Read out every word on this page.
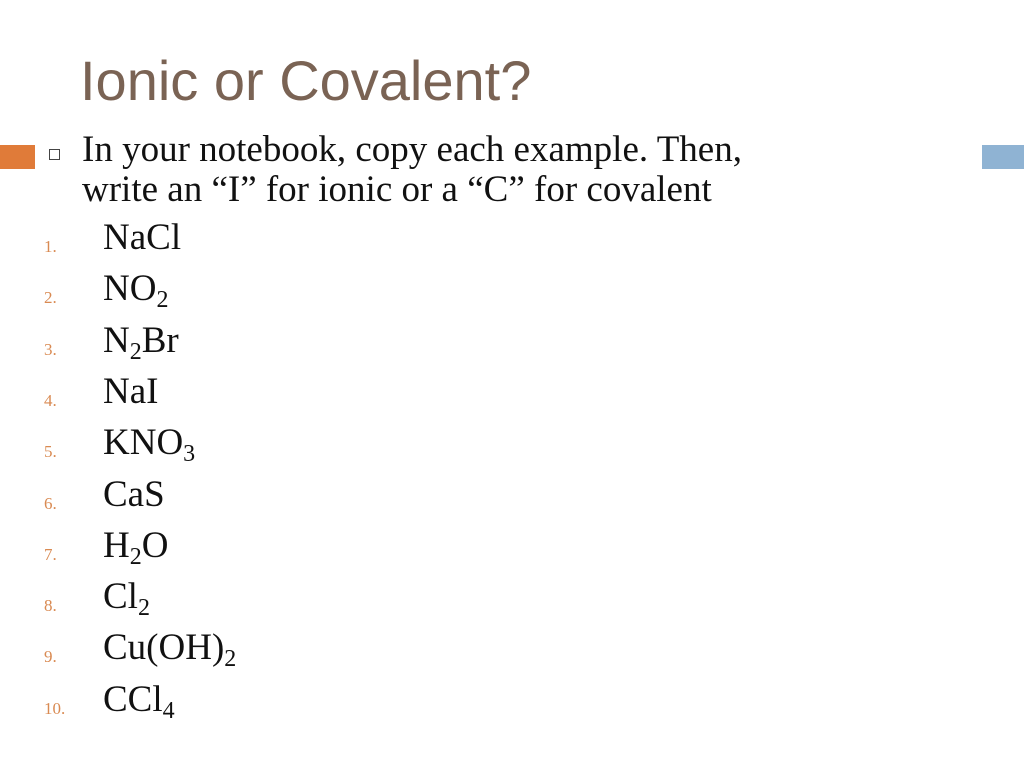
Ionic or Covalent?
In your notebook, copy each example. Then,
write an “I” for ionic or a “C” for covalent
1. NaCl
2. $NO_2$
3. $N_2Br$
4. NaI
5. $KNO_3$
6. CaS
7. $H_2O$
8. $Cl_2$
9. $Cu(OH)_2$
10. CCl$_4$
